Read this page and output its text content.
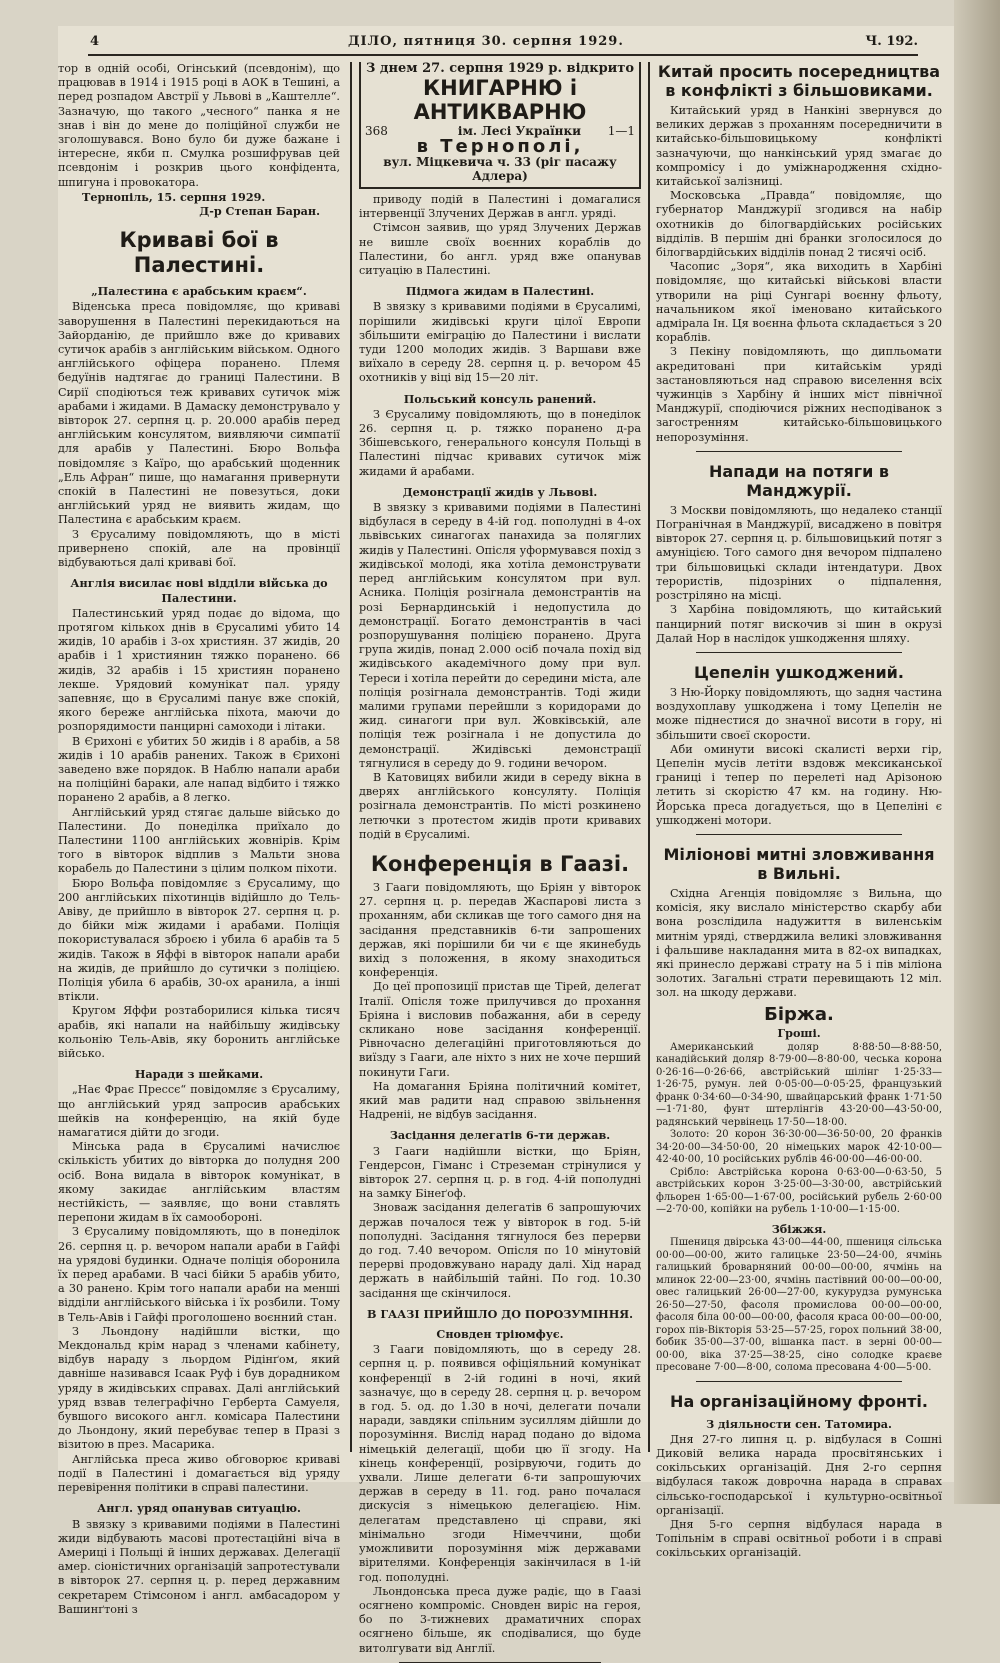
4	ДІЛО, пятниця 30. серпня 1929.	Ч. 192.

тор в одній особі, Огінський (псевдонім), що працював в 1914 і 1915 році в АОК в Тешині, а перед розпадом Австрії у Львові в „Каштелле“. Зазначую, що такого „чесного“ панка я не знав і він до мене до поліційної служби не зголошувався. Воно було би дуже бажане і інтересне, якби п. Смулка розшифрував цей псевдонім і розкрив цього конфідента, шпигуна і провокатора.

Тернопіль, 15. серпня 1929.

Д-р Степан Баран.

Криваві бої в Палестині.
„Палестина є арабським краєм“.

Віденська преса повідомляє, що криваві заворушення в Палестині перекидаються на Зайорданію, де прийшло вже до кривавих сутичок арабів з англійським військом. Одного англійського офіцера поранено. Племя бедуїнів надтягає до границі Палестини. В Сирії сподіються теж кривавих сутичок між арабами і жидами. В Дамаску демонструвало у вівторок 27. серпня ц. р. 20.000 арабів перед англійським консулятом, виявляючи симпатії для арабів у Палестині. Бюро Вольфа повідомляє з Каїро, що арабський щоденник „Ель Афран“ пише, що намагання привернути спокій в Палестині не повезуться, доки англійський уряд не виявить жидам, що Палестина є арабським краєм.

З Єрусалиму повідомляють, що в місті привернено спокій, але на провінції відбуваються далі криваві бої.

Англія висилає нові відділи війська до Палестини.

Палестинський уряд подає до відома, що протягом кількох днів в Єрусалимі убито 14 жидів, 10 арабів і 3-ох християн. 37 жидів, 20 арабів і 1 християнин тяжко поранено. 66 жидів, 32 арабів і 15 християн поранено лекше. Урядовий комунікат пал. уряду запевняє, що в Єрусалимі панує вже спокій, якого береже англійська піхота, маючи до розпорядимости панцирні самоходи і літаки.

В Єрихоні є убитих 50 жидів і 8 арабів, а 58 жидів і 10 арабів ранених. Також в Єрихоні заведено вже порядок. В Наблю напали араби на поліційні бараки, але напад відбито і тяжко поранено 2 арабів, а 8 легко.

Англійський уряд стягає дальше військо до Палестини. До понеділка приїхало до Палестини 1100 англійських жовнірів. Крім того в вівторок відплив з Мальти знова корабель до Палестини з цілим полком піхоти.

Бюро Вольфа повідомляє з Єрусалиму, що 200 англійських піхотинців відійшло до Тель-Авіву, де прийшло в вівторок 27. серпня ц. р. до бійки між жидами і арабами. Поліція покористувалася зброєю і убила 6 арабів та 5 жидів. Також в Яффі в вівторок напали араби на жидів, де прийшло до сутички з поліцією. Поліція убила 6 арабів, 30-ох аранила, а інші втікли.

Кругом Яффи розтаборилися кілька тисяч арабів, які напали на найбільшу жидівську кольонію Тель-Авів, яку боронить англійське військо.

Наради з шейками.

„Нає Фрає Прессє“ повідомляє з Єрусалиму, що англійський уряд запросив арабських шейків на конференцію, на якій буде намагатися дійти до згоди.

Мінська рада в Єрусалимі начислює скількість убитих до вівторка до полудня 200 осіб. Вона видала в вівторок комунікат, в якому закидає англійським властям нестійкість, — заявляє, що вони ставлять перепони жидам в їх самообороні.

З Єрусалиму повідомляють, що в понеділок 26. серпня ц. р. вечором напали араби в Гайфі на урядові будинки. Одначе поліція оборонила їх перед арабами. В часі бійки 5 арабів убито, а 30 ранено. Крім того напали араби на менші відділи англійського війська і їх розбили. Тому в Тель-Авів і Гайфі проголошено воєнний стан.

З Льондону надійшли вістки, що Мекдональд крім нарад з членами кабінету, відбув нараду з льордом Рідінґом, який давніше називався Ісаак Руф і був дорадником уряду в жидівських справах. Далі англійський уряд взвав телеграфічно Герберта Самуеля, бувшого високого англ. комісара Палестини до Льондону, який перебуває тепер в Празі з візитою в през. Масарика.

Англійська преса живо обговорює криваві події в Палестині і домагається від уряду перевірення політики в справі палестини.

Англ. уряд опанував ситуацію.

В звязку з кривавими подіями в Палестині жиди відбувають масові протестаційні віча в Америці і Польщі й інших державах. Делегації амер. сіоністичних організацій запротестували в вівторок 27. серпня ц. р. перед державним секретарем Стімсоном і англ. амбасадором у Вашинґтоні з

З днем 27. серпня 1929 р. відкрито
КНИГАРНЮ і АНТИКВАРНЮ
1—1
368	ім. Лесі Українки
в Тернополі,
вул. Міцкевича ч. 33 (ріг пасажу Адлера)

приводу подій в Палестині і домагалися інтервенції Злучених Держав в англ. уряді.

Стімсон заявив, що уряд Злучених Держав не вишле своїх воєнних кораблів до Палестини, бо англ. уряд вже опанував ситуацію в Палестині.

Підмога жидам в Палестині.

В звязку з кривавими подіями в Єрусалимі, порішили жидівські круги цілої Европи збільшити еміграцію до Палестини і вислати туди 1200 молодих жидів. З Варшави вже виїхало в середу 28. серпня ц. р. вечором 45 охотників у віці від 15—20 літ.

Польський консуль ранений.

З Єрусалиму повідомляють, що в понеділок 26. серпня ц. р. тяжко поранено д-ра Збішевського, генерального консуля Польщі в Палестині підчас кривавих сутичок між жидами й арабами.

Демонстрації жидів у Львові.

В звязку з кривавими подіями в Палестині відбулася в середу в 4-ій год. пополудні в 4-ох львівських синагогах панахида за поляглих жидів у Палестині. Опісля уформувався похід з жидівської молоді, яка хотіла демонструвати перед англійським консулятом при вул. Асника. Поліція розігнала демонстрантів на розі Бернардинській і недопустила до демонстрації. Богато демонстрантів в часі розпорушування поліцією поранено. Друга група жидів, понад 2.000 осіб почала похід від жидівського академічного дому при вул. Тереси і хотіла перейти до середини міста, але поліція розігнала демонстрантів. Тоді жиди малими групами перейшли з коридорами до жид. синагоги при вул. Жовківській, але поліція теж розігнала і не допустила до демонстрації. Жидівські демонстрації тягнулися в середу до 9. години вечором.

В Катовицях вибили жиди в середу вікна в дверях англійського консуляту. Поліція розігнала демонстрантів. По місті розкинено летючки з протестом жидів проти кривавих подій в Єрусалимі.

Конференція в Гаазі.

З Гааги повідомляють, що Бріян у вівторок 27. серпня ц. р. передав Жаспарові листа з проханням, аби скликав ще того самого дня на засідання представників 6-ти запрошених держав, які порішили би чи є ще якинебудь вихід з положення, в якому знаходиться конференція.

До цеї пропозиції пристав ще Тірей, делегат Італії. Опісля тоже прилучився до прохання Бріяна і висловив побажання, аби в середу скликано нове засідання конференції. Рівночасно делегаційні приготовляються до виїзду з Гааги, але ніхто з них не хоче перший покинути Гаги.

На домагання Бріяна політичний комітет, який мав радити над справою звільнення Надреніі, не відбув засідання.

Засідання делегатів 6-ти держав.

З Гааги надійшли вістки, що Бріян, Гендерсон, Гіманс і Стреземан стрінулися у вівторок 27. серпня ц. р. в год. 4-ій пополудні на замку Бінеґоф.

Зноваж засідання делегатів 6 запрошуючих держав почалося теж у вівторок в год. 5-ій пополудні. Засідання тягнулося без перерви до год. 7.40 вечором. Опісля по 10 мінутовій перерві продовжувано нараду далі. Хід нарад держать в найбільшій тайні. По год. 10.30 засідання ще скінчилося.

В ГААЗІ ПРИЙШЛО ДО ПОРОЗУМІННЯ.
Сновден тріюмфує.

З Гааги повідомляють, що в середу 28. серпня ц. р. появився офіціяльний комунікат конференції в 2-ій годині в ночі, який зазначує, що в середу 28. серпня ц. р. вечором в год. 5. од. до 1.30 в ночі, делегати почали наради, завдяки спільним зусиллям дійшли до порозуміння. Вислід нарад подано до відома німецькій делегації, щоби цю її згоду. На кінець конференції, розірвуючи, годить до ухвали. Лише делегати 6-ти запрошуючих держав в середу в 11. год. рано почалася дискусія з німецькою делегацією. Нім. делегатам представлено ці справи, які мінімально згоди Німеччини, щоби уможливити порозуміння між державами вірителями. Конференція закінчилася в 1-ій год. пополудні.

Льондонська преса дуже радіє, що в Гаазі осягнено компроміс. Сновден виріс на героя, бо по 3-тижневих драматичних спорах осягнено більше, як сподівалися, що буде витолгувати від Англії.

Китай просить посередництва в конфлікті з більшовиками.

Китайський уряд в Нанкіні звернувся до великих держав з проханням посередничити в китайсько-більшовицькому конфлікті зазначуючи, що нанкінський уряд змагає до компромісу і до уміжнародження східно-китайської залізниці.

Московська „Правда“ повідомляє, що губернатор Манджурії згодився на набір охотників до білогвардійських російських відділів. В першім дні бранки зголосилося до білогвардійських відділів понад 2 тисячі осіб.

Часопис „Зоря“, яка виходить в Харбіні повідомляє, що китайські військові власти утворили на ріці Сунгарі воєнну фльоту, начальником якої іменовано китайського адмірала Ін. Ця воєнна фльота складається з 20 кораблів.

З Пекіну повідомляють, що дипльомати акредитовані при китайськім уряді застановляються над справою виселення всіх чужинців з Харбіну й інших міст північної Манджурії, сподіючися ріжних несподіванок з загостренням китайсько-більшовицького непорозуміння.

Напади на потяги в Манджурії.

З Москви повідомляють, що недалеко станції Погранічная в Манджурії, висаджено в повітря вівторок 27. серпня ц. р. більшовицький потяг з амуніцією. Того самого дня вечором підпалено три більшовицькі склади інтендатури. Двох терористів, підозріних о підпалення, розстріляно на місці.

З Харбіна повідомляють, що китайський панцирний потяг вискочив зі шин в окрузі Далай Нор в наслідок ушкодження шляху.

Цепелін ушкоджений.

З Ню-Йорку повідомляють, що задня частина воздухоплаву ушкоджена і тому Цепелін не може піднестися до значної висоти в гору, ні збільшити своєї скорости.

Аби оминути високі скалисті верхи гір, Цепелін мусів летіти вздовж мексиканської границі і тепер по перелеті над Арізоною летить зі скорістю 47 км. на годину. Ню-Йорська преса догадується, що в Цепеліні є ушкоджені мотори.

Міліонові митні зловживання в Вильні.

Східна Агенція повідомляє з Вильна, що комісія, яку вислало міністерство скарбу аби вона розслідила надужиття в виленськім митнім уряді, стверджила великі зловживання і фальшиве накладання мита в 82-ох випадках, які принесло державі страту на 5 і пів міліона золотих. Загальні страти перевищають 12 міл. зол. на шкоду держави.

Біржа.
Гроші.

Американський доляр 8·88·50—8·88·50, канадійський доляр 8·79·00—8·80·00, чеська корона 0·26·16—0·26·66, австрійський шілінг 1·25·33—1·26·75, румун. лей 0·05·00—0·05·25, французький франк 0·34·60—0·34·90, швайцарський франк 1·71·50—1·71·80, фунт штерлінгів 43·20·00—43·50·00, радянський червінець 17·50—18·00.

Золото: 20 корон 36·30·00—36·50·00, 20 франків 34·20·00—34·50·00, 20 німецьких марок 42·10·00—42·40·00, 10 російських рублів 46·00·00—46·00·00.

Срібло: Австрійська корона 0·63·00—0·63·50, 5 австрійських корон 3·25·00—3·30·00, австрійський фльорен 1·65·00—1·67·00, російський рубель 2·60·00—2·70·00, копійки на рубель 1·10·00—1·15·00.

Збіжжя.

Пшениця двірська 43·00—44·00, пшениця сільська 00·00—00·00, жито галицьке 23·50—24·00, ячмінь галицький броварняний 00·00—00·00, ячмінь на млинок 22·00—23·00, ячмінь пастівний 00·00—00·00, овес галицький 26·00—27·00, кукурудза румунська 26·50—27·50, фасоля промислова 00·00—00·00, фасоля біла 00·00—00·00, фасоля краса 00·00—00·00, горох пів-Вікторія 53·25—57·25, горох польний 38·00, бобик 35·00—37·00, вішанка паст. в зерні 00·00—00·00, віка 37·25—38·25, сіно солодке краєве пресоване 7·00—8·00, солома пресована 4·00—5·00.

На організаційному фронті.
З діяльности сен. Татомира.

Дня 27-го липня ц. р. відбулася в Сошні Диковій велика нарада просвітянських і сокільських організацій. Дня 2-го серпня відбулася також доврочна нарада в справах сільсько-господарської і культурно-освітньої організації.

Дня 5-го серпня відбулася нарада в Топільнім в справі освітньої роботи і в справі сокільських організацій.
